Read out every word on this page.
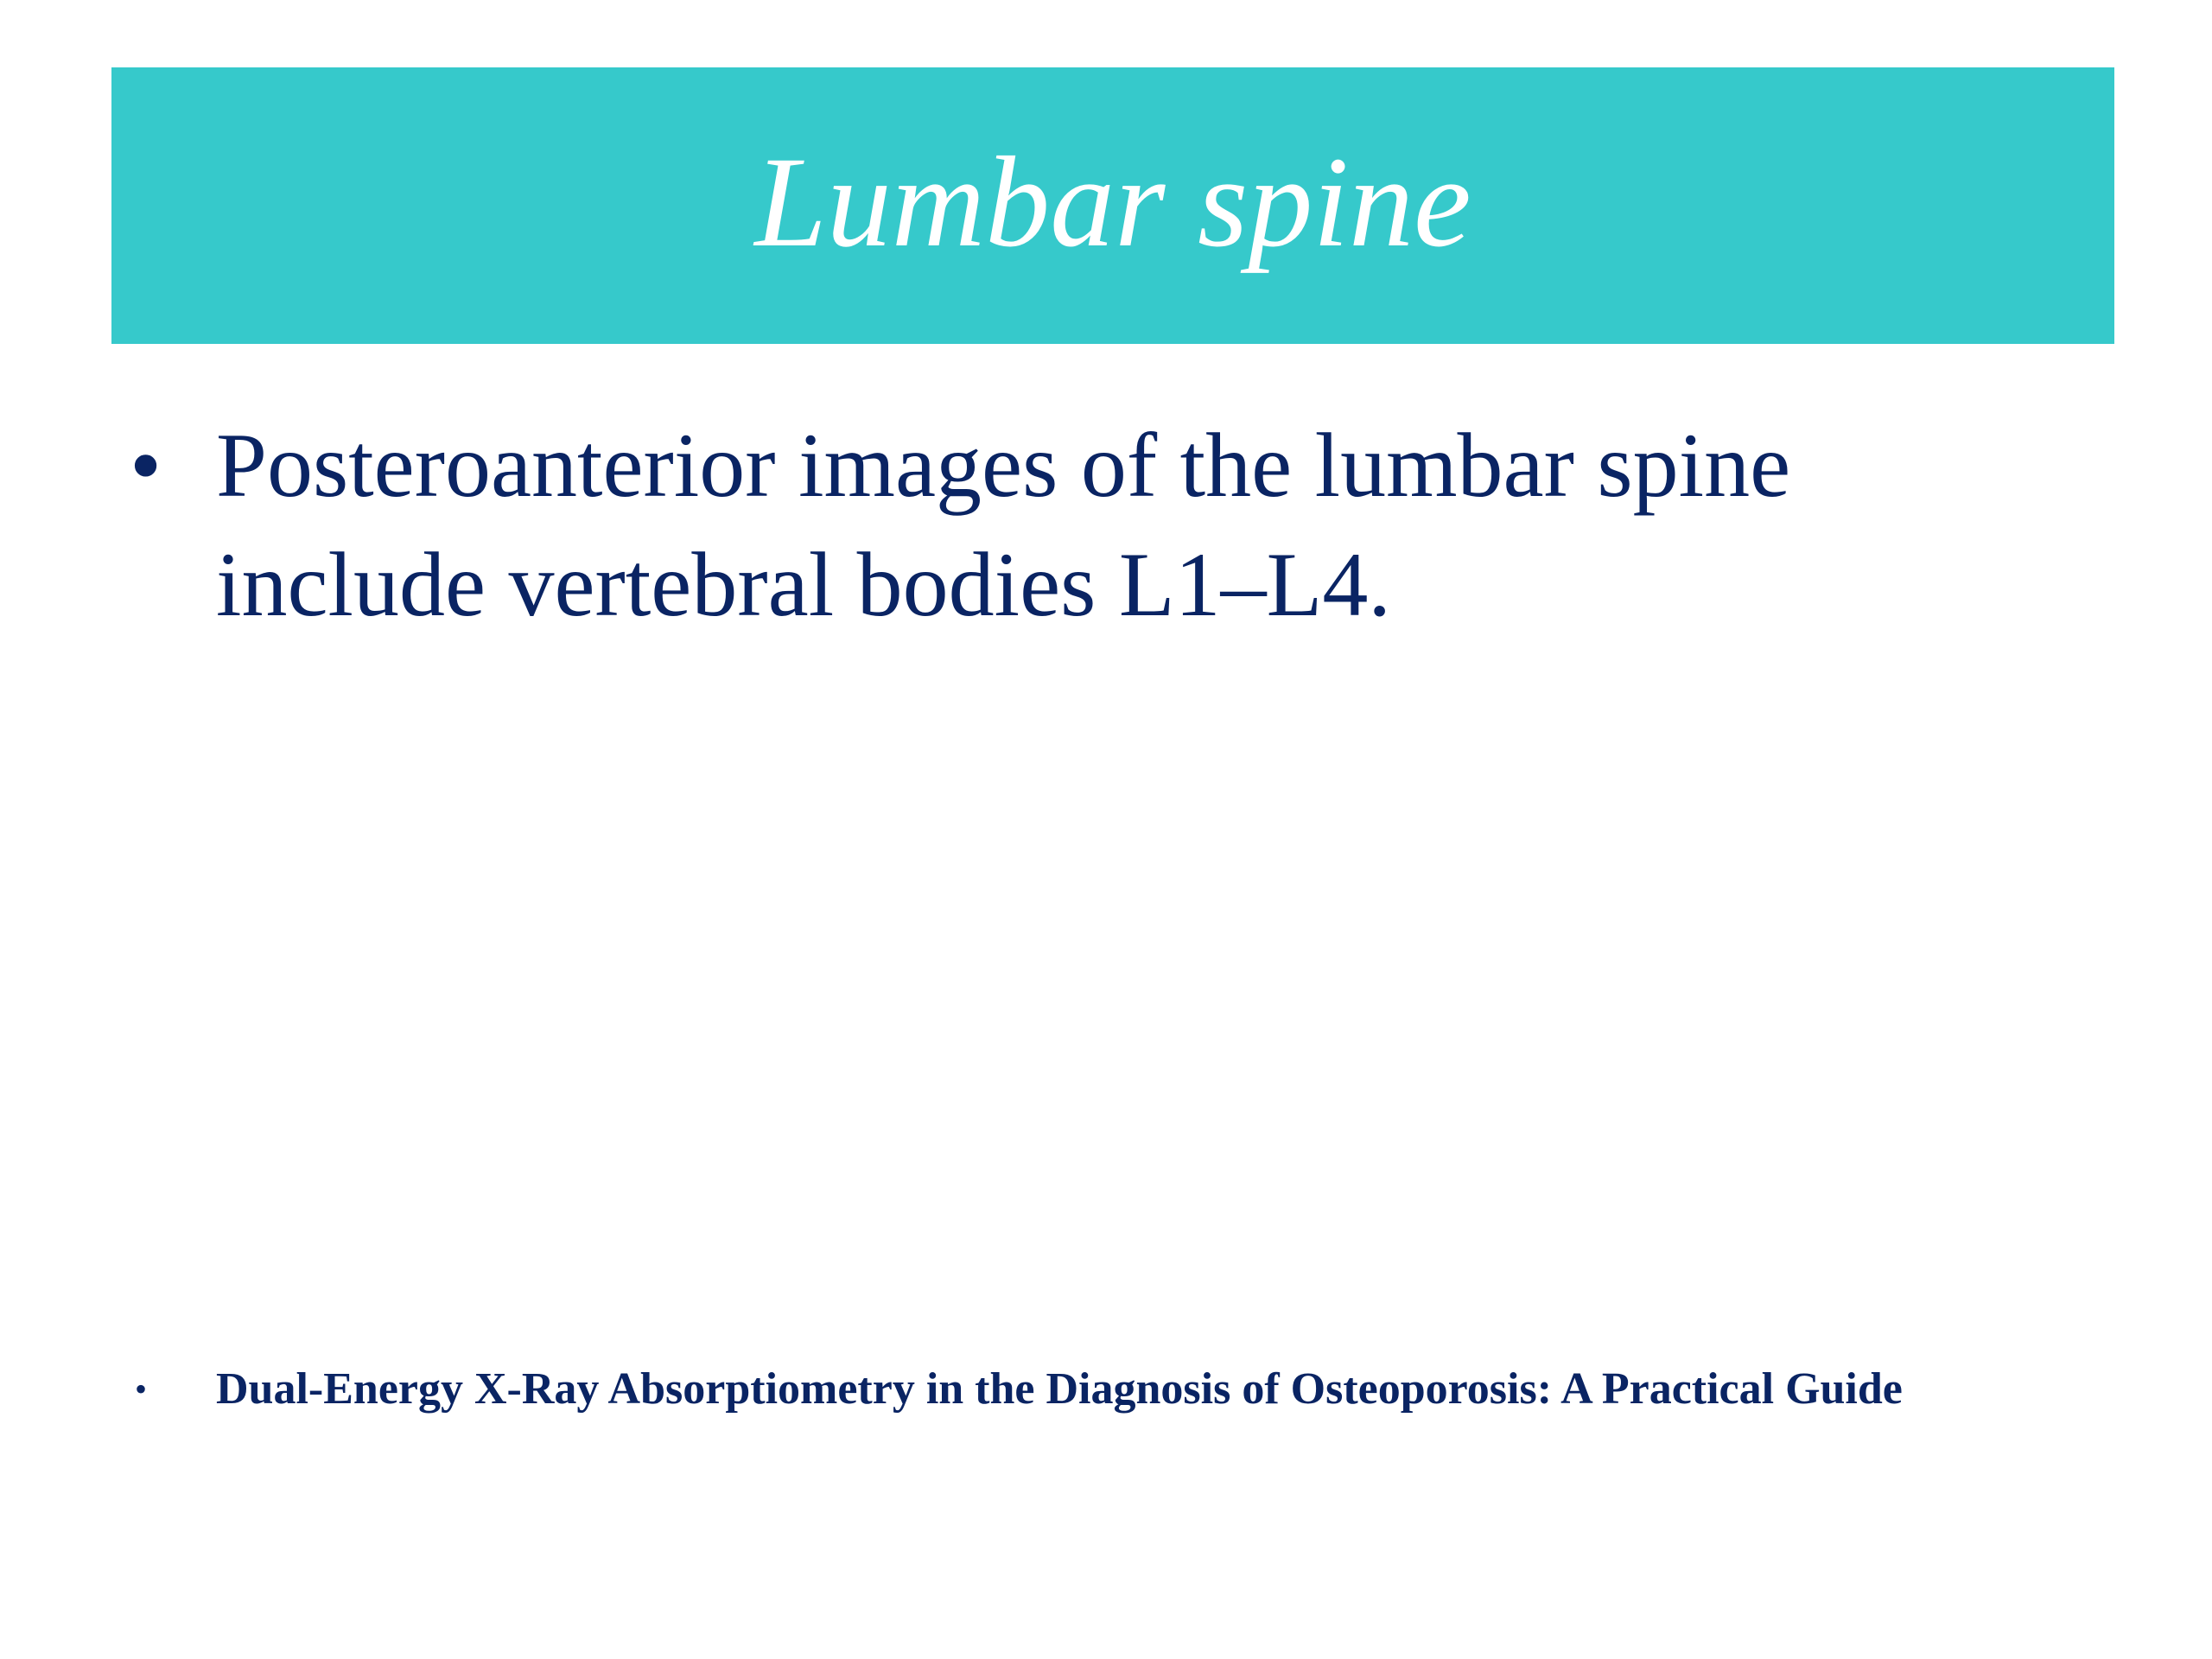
Lumbar spine
• Posteroanterior images of the lumbar spine include vertebral bodies L1–L4.
• Dual-Energy X-Ray Absorptiometry in the Diagnosis of Osteoporosis: A Practical Guide
